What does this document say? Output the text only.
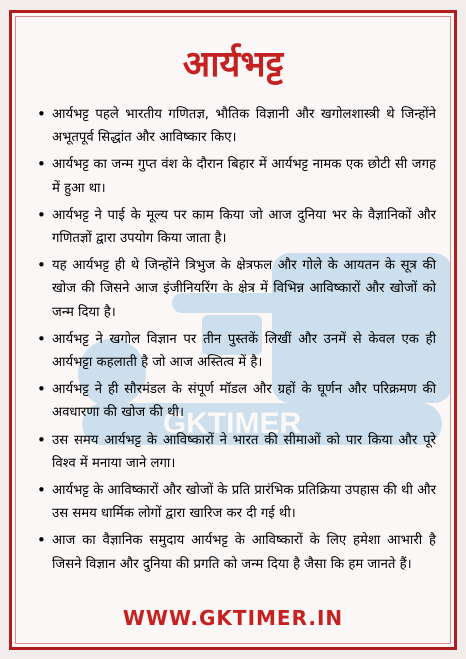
GKTIMER
आर्यभट्ट
• आर्यभट्ट पहले भारतीय गणितज्ञ, भौतिक विज्ञानी और खगोलशास्त्री थे जिन्होंने अभूतपूर्व सिद्धांत और आविष्कार किए।
• आर्यभट्ट का जन्म गुप्त वंश के दौरान बिहार में आर्यभट्ट नामक एक छोटी सी जगह में हुआ था।
• आर्यभट्ट ने पाई के मूल्य पर काम किया जो आज दुनिया भर के वैज्ञानिकों और गणितज्ञों द्वारा उपयोग किया जाता है।
• यह आर्यभट्ट ही थे जिन्होंने त्रिभुज के क्षेत्रफल और गोले के आयतन के सूत्र की खोज की जिसने आज इंजीनियरिंग के क्षेत्र में विभिन्न आविष्कारों और खोजों को जन्म दिया है।
• आर्यभट्ट ने खगोल विज्ञान पर तीन पुस्तकें लिखीं और उनमें से केवल एक ही आर्यभट्टा कहलाती है जो आज अस्तित्व में है।
• आर्यभट्ट ने ही सौरमंडल के संपूर्ण मॉडल और ग्रहों के घूर्णन और परिक्रमण की अवधारणा की खोज की थी।
• उस समय आर्यभट्ट के आविष्कारों ने भारत की सीमाओं को पार किया और पूरे विश्व में मनाया जाने लगा।
• आर्यभट्ट के आविष्कारों और खोजों के प्रति प्रारंभिक प्रतिक्रिया उपहास की थी और उस समय धार्मिक लोगों द्वारा खारिज कर दी गई थी।
• आज का वैज्ञानिक समुदाय आर्यभट्ट के आविष्कारों के लिए हमेशा आभारी है जिसने विज्ञान और दुनिया की प्रगति को जन्म दिया है जैसा कि हम जानते हैं।
WWW.GKTIMER.IN
